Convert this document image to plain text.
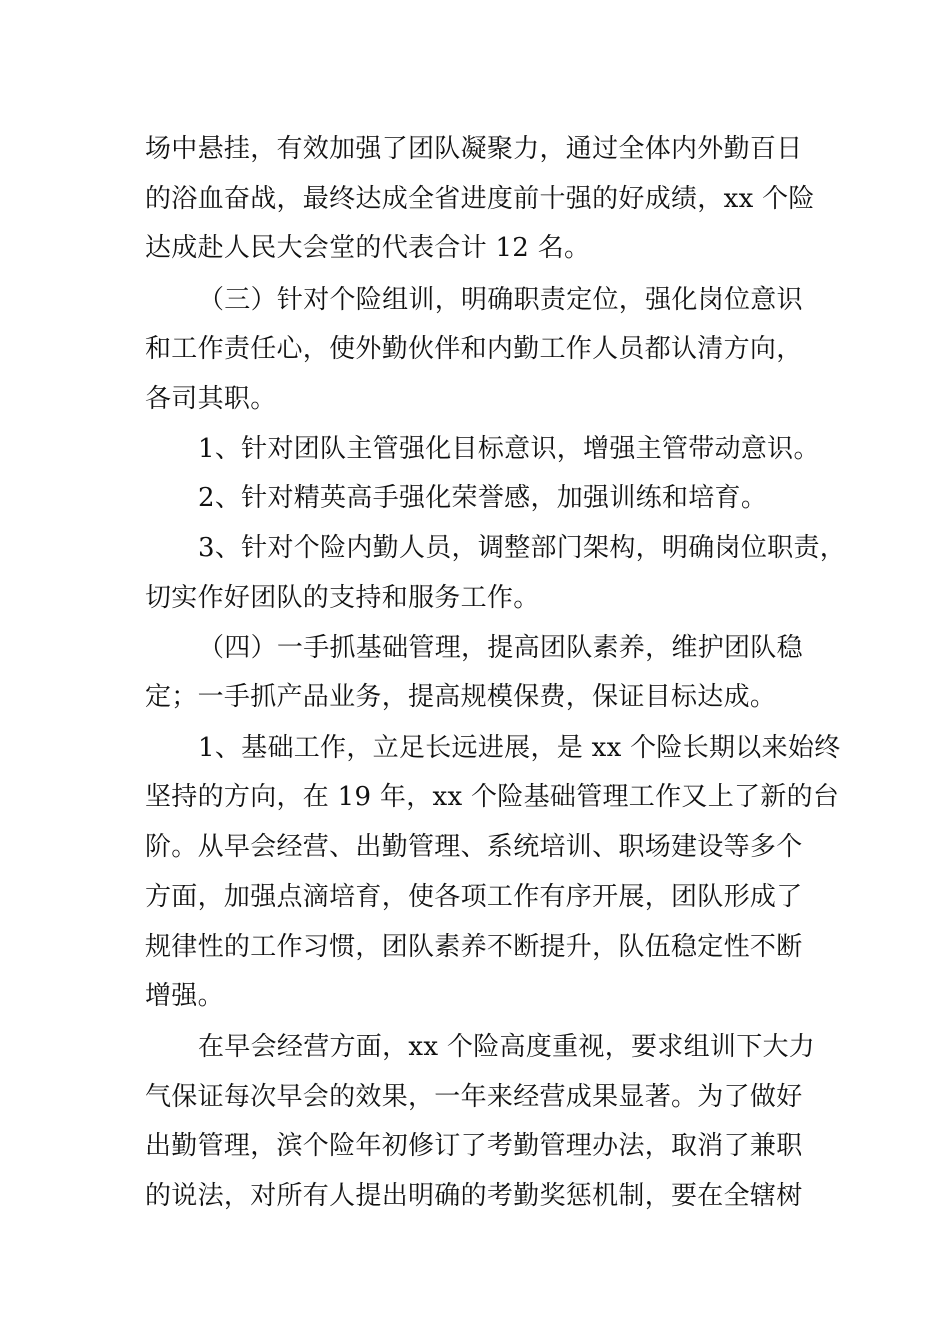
场中悬挂，有效加强了团队凝聚力，通过全体内外勤百日
的浴血奋战，最终达成全省进度前十强的好成绩，xx 个险
达成赴人民大会堂的代表合计 12 名。
（三）针对个险组训，明确职责定位，强化岗位意识
和工作责任心，使外勤伙伴和内勤工作人员都认清方向，
各司其职。
1、针对团队主管强化目标意识，增强主管带动意识。
2、针对精英高手强化荣誉感，加强训练和培育。
3、针对个险内勤人员，调整部门架构，明确岗位职责，
切实作好团队的支持和服务工作。
（四）一手抓基础管理，提高团队素养，维护团队稳
定；一手抓产品业务，提高规模保费，保证目标达成。
1、基础工作，立足长远进展，是 xx 个险长期以来始终
坚持的方向，在 19 年，xx 个险基础管理工作又上了新的台
阶。从早会经营、出勤管理、系统培训、职场建设等多个
方面，加强点滴培育，使各项工作有序开展，团队形成了
规律性的工作习惯，团队素养不断提升，队伍稳定性不断
增强。
在早会经营方面，xx 个险高度重视，要求组训下大力
气保证每次早会的效果，一年来经营成果显著。为了做好
出勤管理，滨个险年初修订了考勤管理办法，取消了兼职
的说法，对所有人提出明确的考勤奖惩机制，要在全辖树
